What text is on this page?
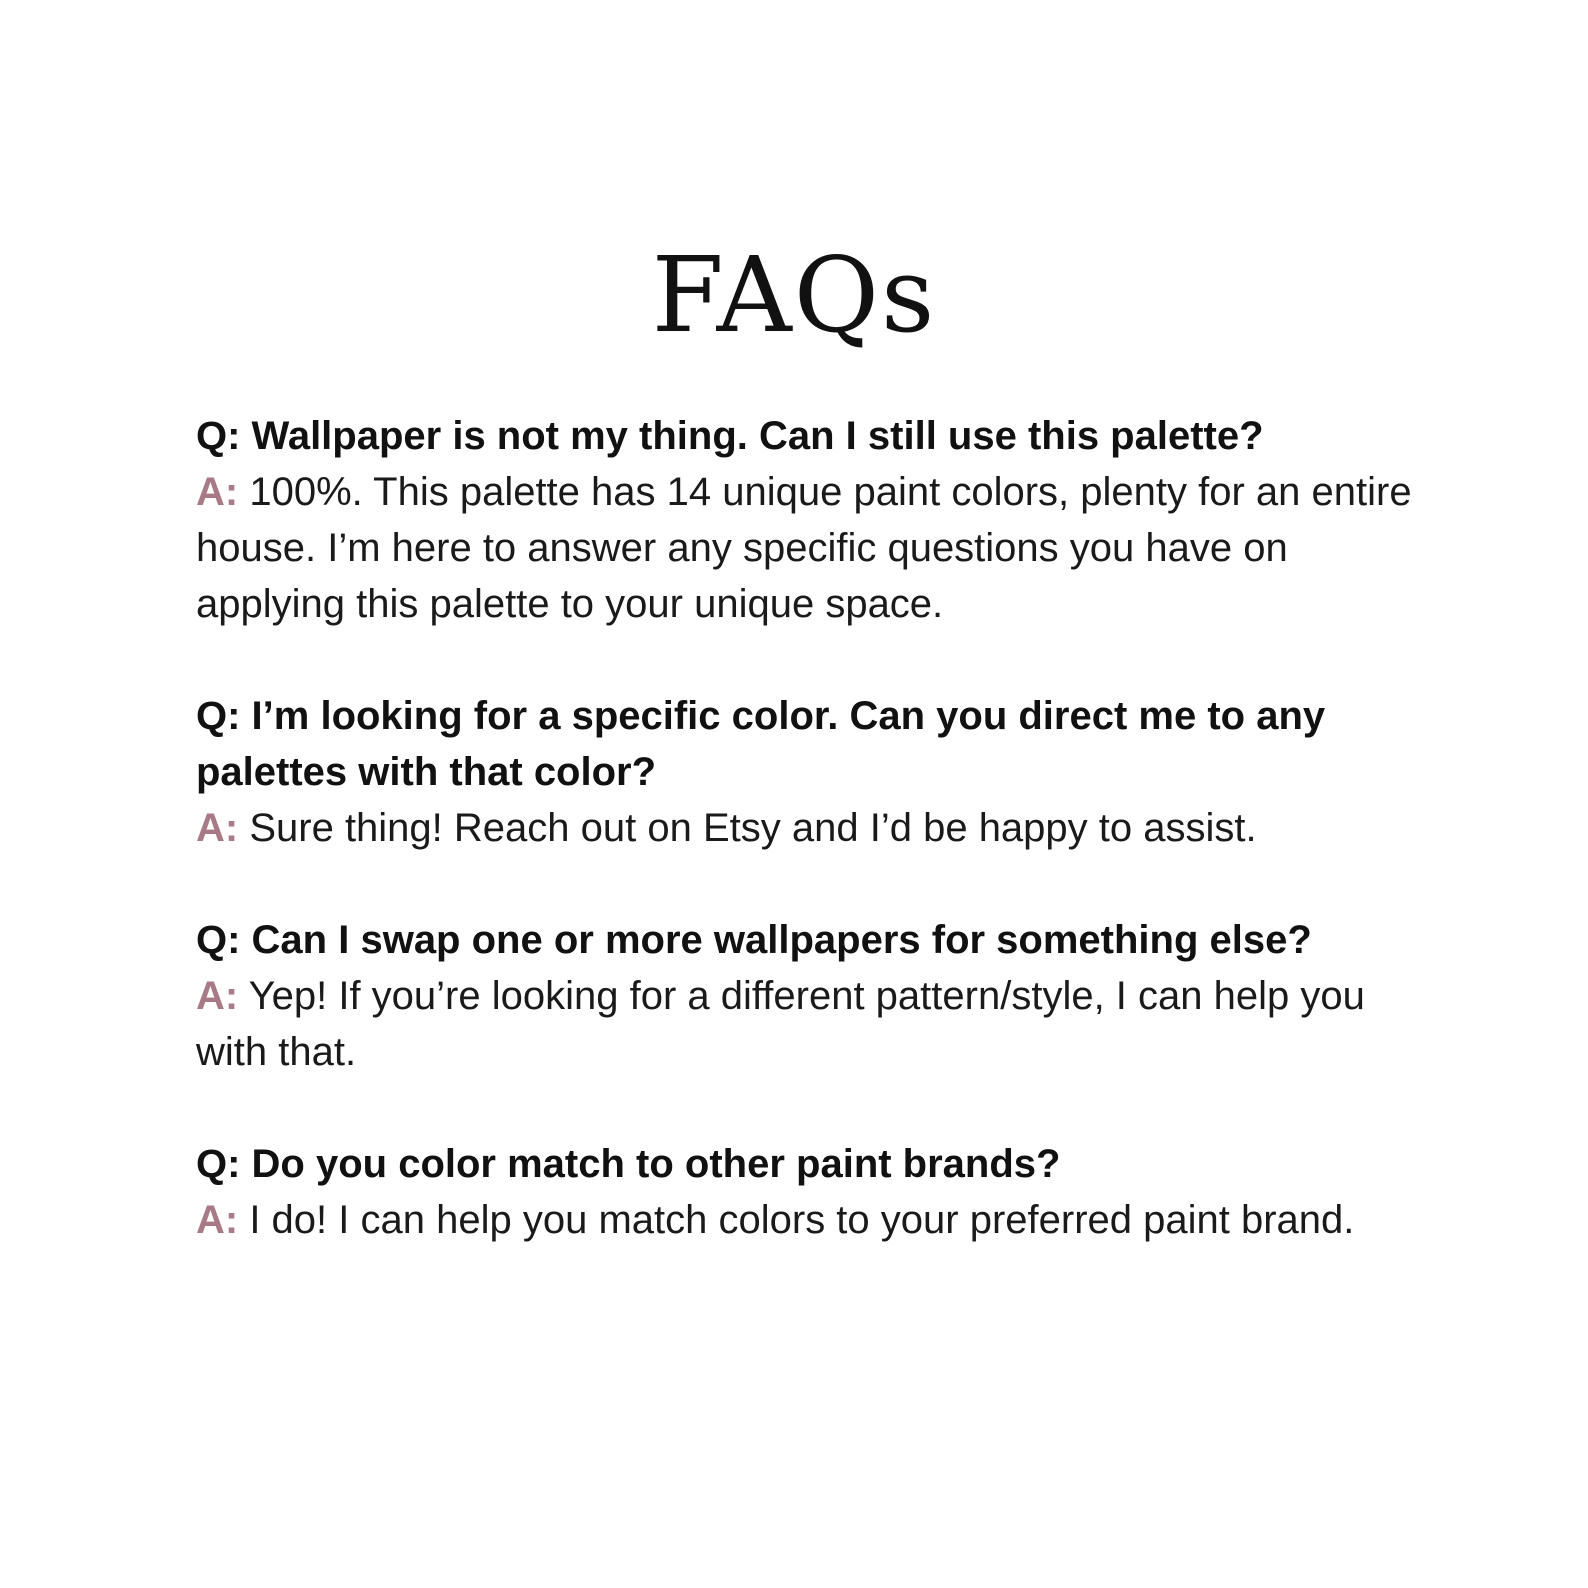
FAQs

Q: Wallpaper is not my thing. Can I still use this palette?

A: 100%. This palette has 14 unique paint colors, plenty for an entire house. I’m here to answer any specific questions you have on applying this palette to your unique space.

Q: I’m looking for a specific color. Can you direct me to any palettes with that color?

A: Sure thing! Reach out on Etsy and I’d be happy to assist.

Q: Can I swap one or more wallpapers for something else?

A: Yep! If you’re looking for a different pattern/style, I can help you with that.

Q: Do you color match to other paint brands?

A: I do! I can help you match colors to your preferred paint brand.
